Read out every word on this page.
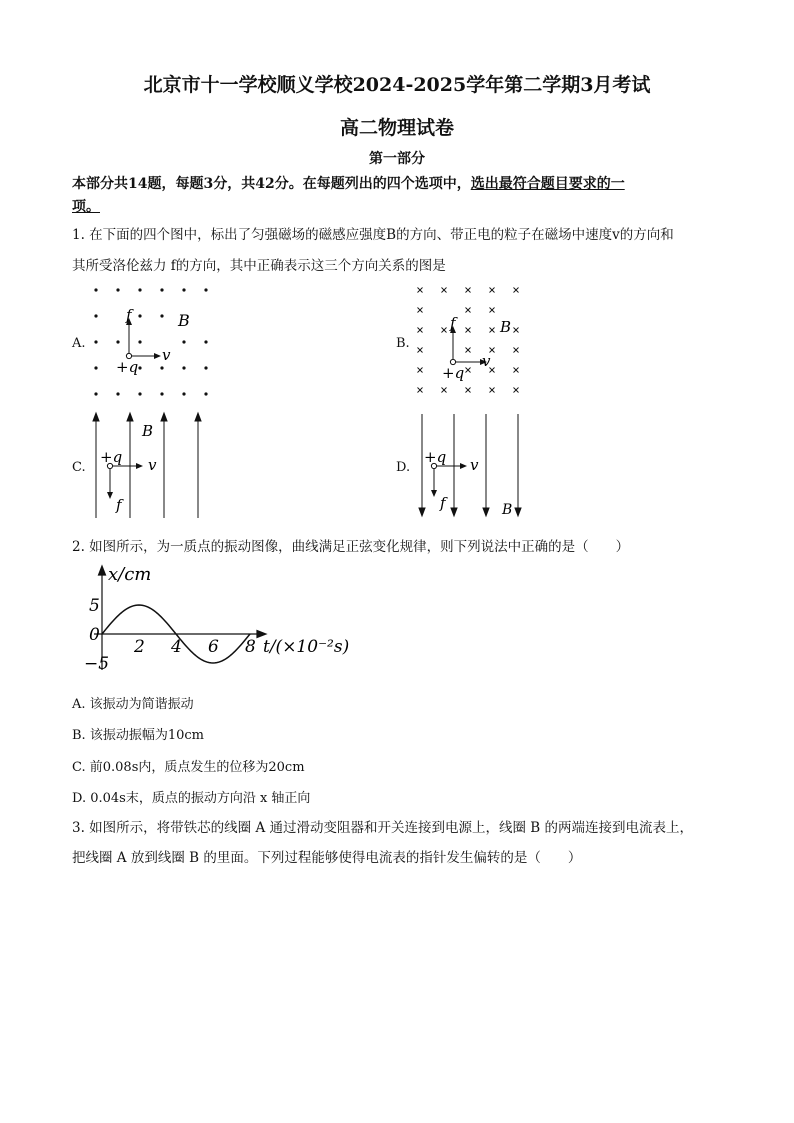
北京市十一学校顺义学校2024-2025学年第二学期3月考试
高二物理试卷
第一部分
本部分共14题，每题3分，共42分。在每题列出的四个选项中，选出最符合题目要求的一
项。
1. 在下面的四个图中，标出了匀强磁场的磁感应强度B的方向、带正电的粒子在磁场中速度v的方向和
其所受洛伦兹力 f的方向，其中正确表示这三个方向关系的图是
A.	B.
C.	D.
f	B
+q
v
f	B
+q
v
B
+q v
f
+q v
f	B
2. 如图所示，为一质点的振动图像，曲线满足正弦变化规律，则下列说法中正确的是（　　）
2 4 6 8
5
0
−5
x/cm
t/(×10⁻²s)
A. 该振动为简谐振动
B. 该振动振幅为10cm
C. 前0.08s内，质点发生的位移为20cm
D. 0.04s末，质点的振动方向沿 x 轴正向
3. 如图所示，将带铁芯的线圈 A 通过滑动变阻器和开关连接到电源上，线圈 B 的两端连接到电流表上，
把线圈 A 放到线圈 B 的里面。下列过程能够使得电流表的指针发生偏转的是（　　）
